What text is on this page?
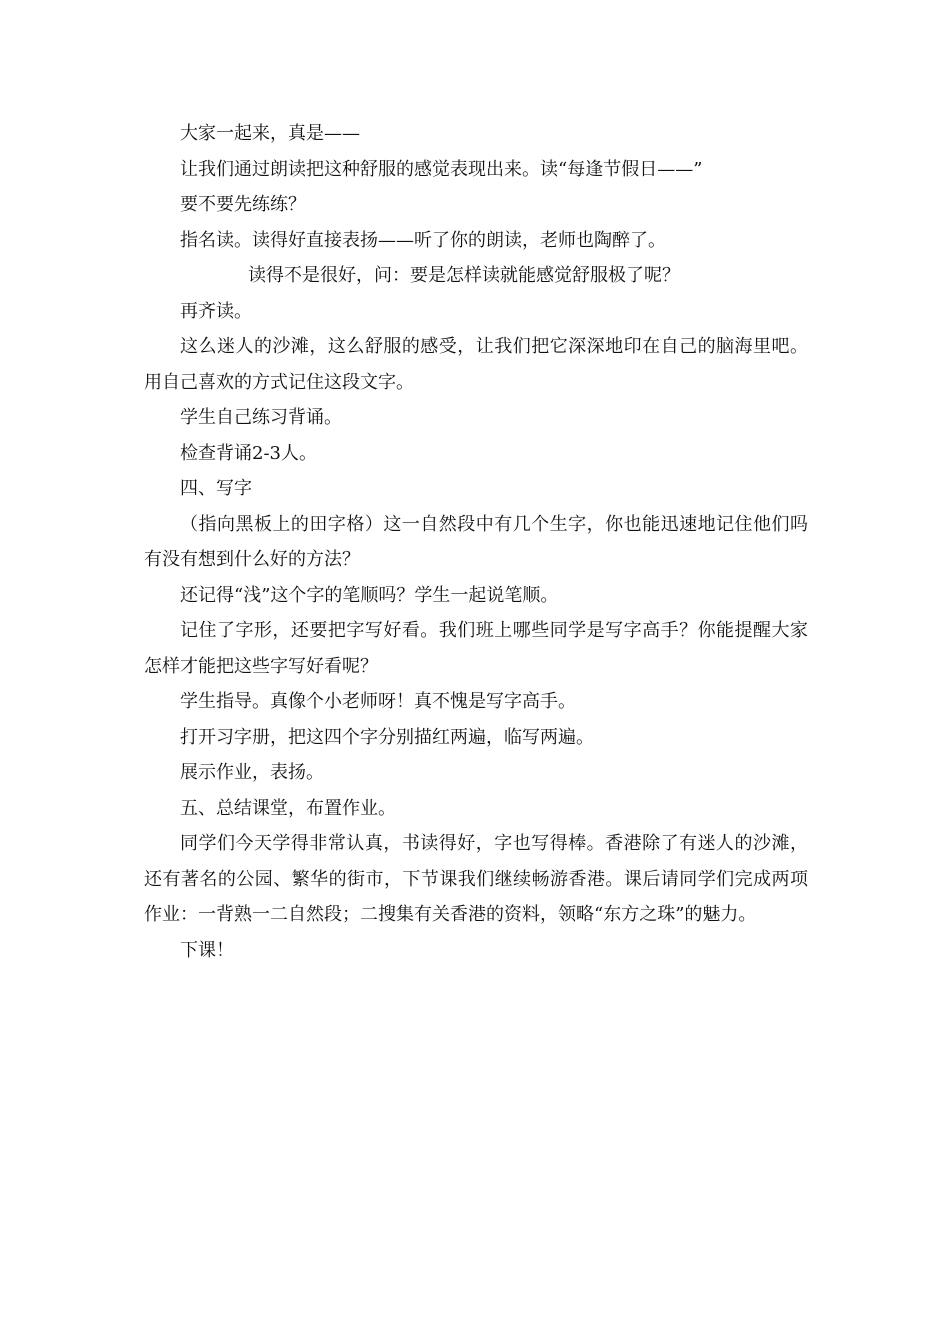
大家一起来，真是——

让我们通过朗读把这种舒服的感觉表现出来。读“每逢节假日——”

要不要先练练？

指名读。读得好直接表扬——听了你的朗读，老师也陶醉了。

读得不是很好，问：要是怎样读就能感觉舒服极了呢？

再齐读。

这么迷人的沙滩，这么舒服的感受，让我们把它深深地印在自己的脑海里吧。用自己喜欢的方式记住这段文字。

学生自己练习背诵。

检查背诵2-3人。

四、写字

（指向黑板上的田字格）这一自然段中有几个生字，你也能迅速地记住他们吗有没有想到什么好的方法？

还记得“浅”这个字的笔顺吗？学生一起说笔顺。

记住了字形，还要把字写好看。我们班上哪些同学是写字高手？你能提醒大家怎样才能把这些字写好看呢？

学生指导。真像个小老师呀！真不愧是写字高手。

打开习字册，把这四个字分别描红两遍，临写两遍。

展示作业，表扬。

五、总结课堂，布置作业。

同学们今天学得非常认真，书读得好，字也写得棒。香港除了有迷人的沙滩，还有著名的公园、繁华的街市，下节课我们继续畅游香港。课后请同学们完成两项作业：一背熟一二自然段；二搜集有关香港的资料，领略“东方之珠”的魅力。

下课！
